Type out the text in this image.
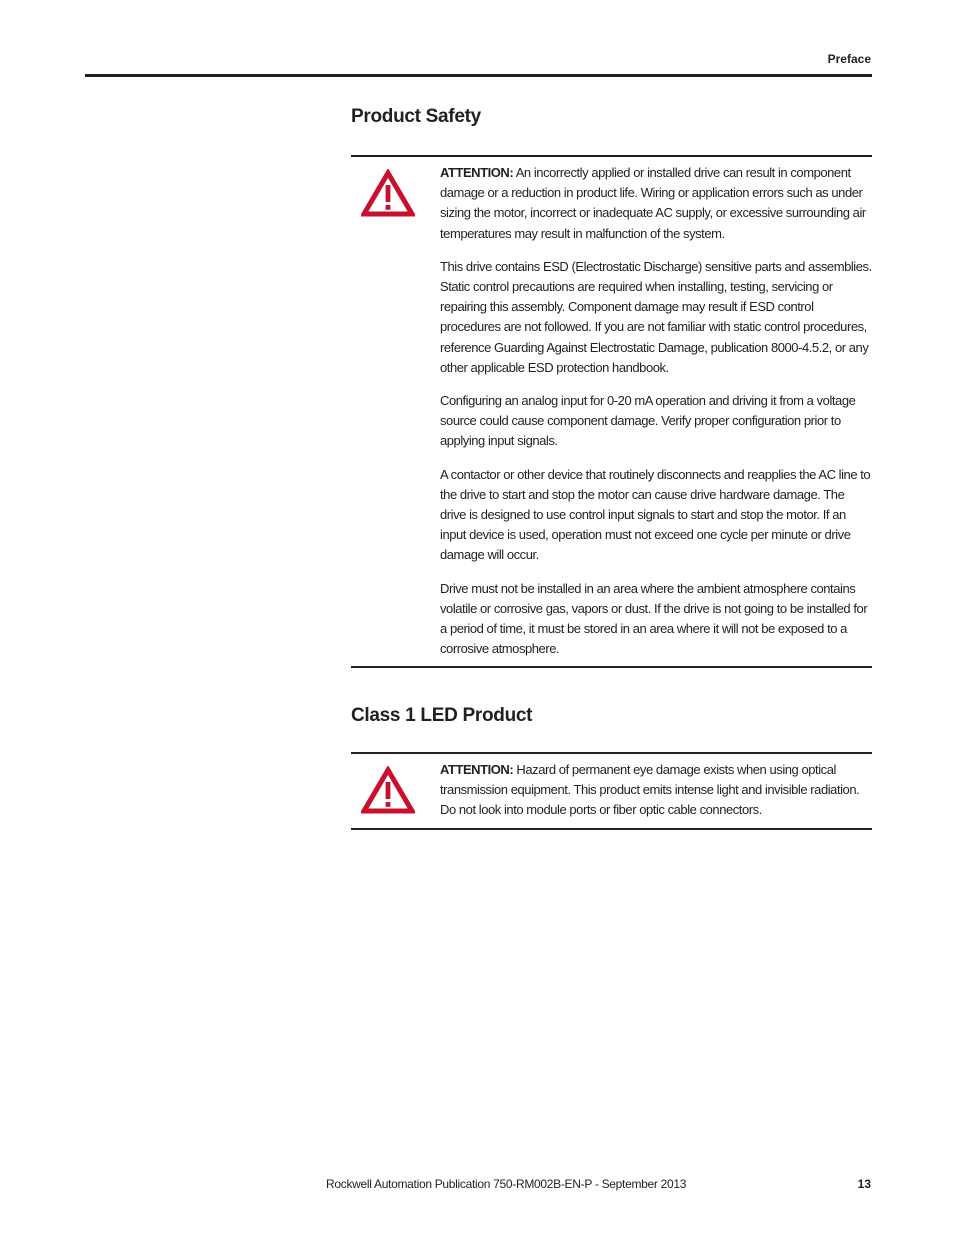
Preface
Product Safety

ATTENTION: An incorrectly applied or installed drive can result in component damage or a reduction in product life. Wiring or application errors such as under sizing the motor, incorrect or inadequate AC supply, or excessive surrounding air temperatures may result in malfunction of the system.

This drive contains ESD (Electrostatic Discharge) sensitive parts and assemblies. Static control precautions are required when installing, testing, servicing or repairing this assembly. Component damage may result if ESD control procedures are not followed. If you are not familiar with static control procedures, reference Guarding Against Electrostatic Damage, publication 8000-4.5.2, or any other applicable ESD protection handbook.

Configuring an analog input for 0-20 mA operation and driving it from a voltage source could cause component damage. Verify proper configuration prior to applying input signals.

A contactor or other device that routinely disconnects and reapplies the AC line to the drive to start and stop the motor can cause drive hardware damage. The drive is designed to use control input signals to start and stop the motor. If an input device is used, operation must not exceed one cycle per minute or drive damage will occur.

Drive must not be installed in an area where the ambient atmosphere contains volatile or corrosive gas, vapors or dust. If the drive is not going to be installed for a period of time, it must be stored in an area where it will not be exposed to a corrosive atmosphere.

Class 1 LED Product

ATTENTION: Hazard of permanent eye damage exists when using optical transmission equipment. This product emits intense light and invisible radiation. Do not look into module ports or fiber optic cable connectors.

Rockwell Automation Publication 750-RM002B-EN-P - September 2013	13
